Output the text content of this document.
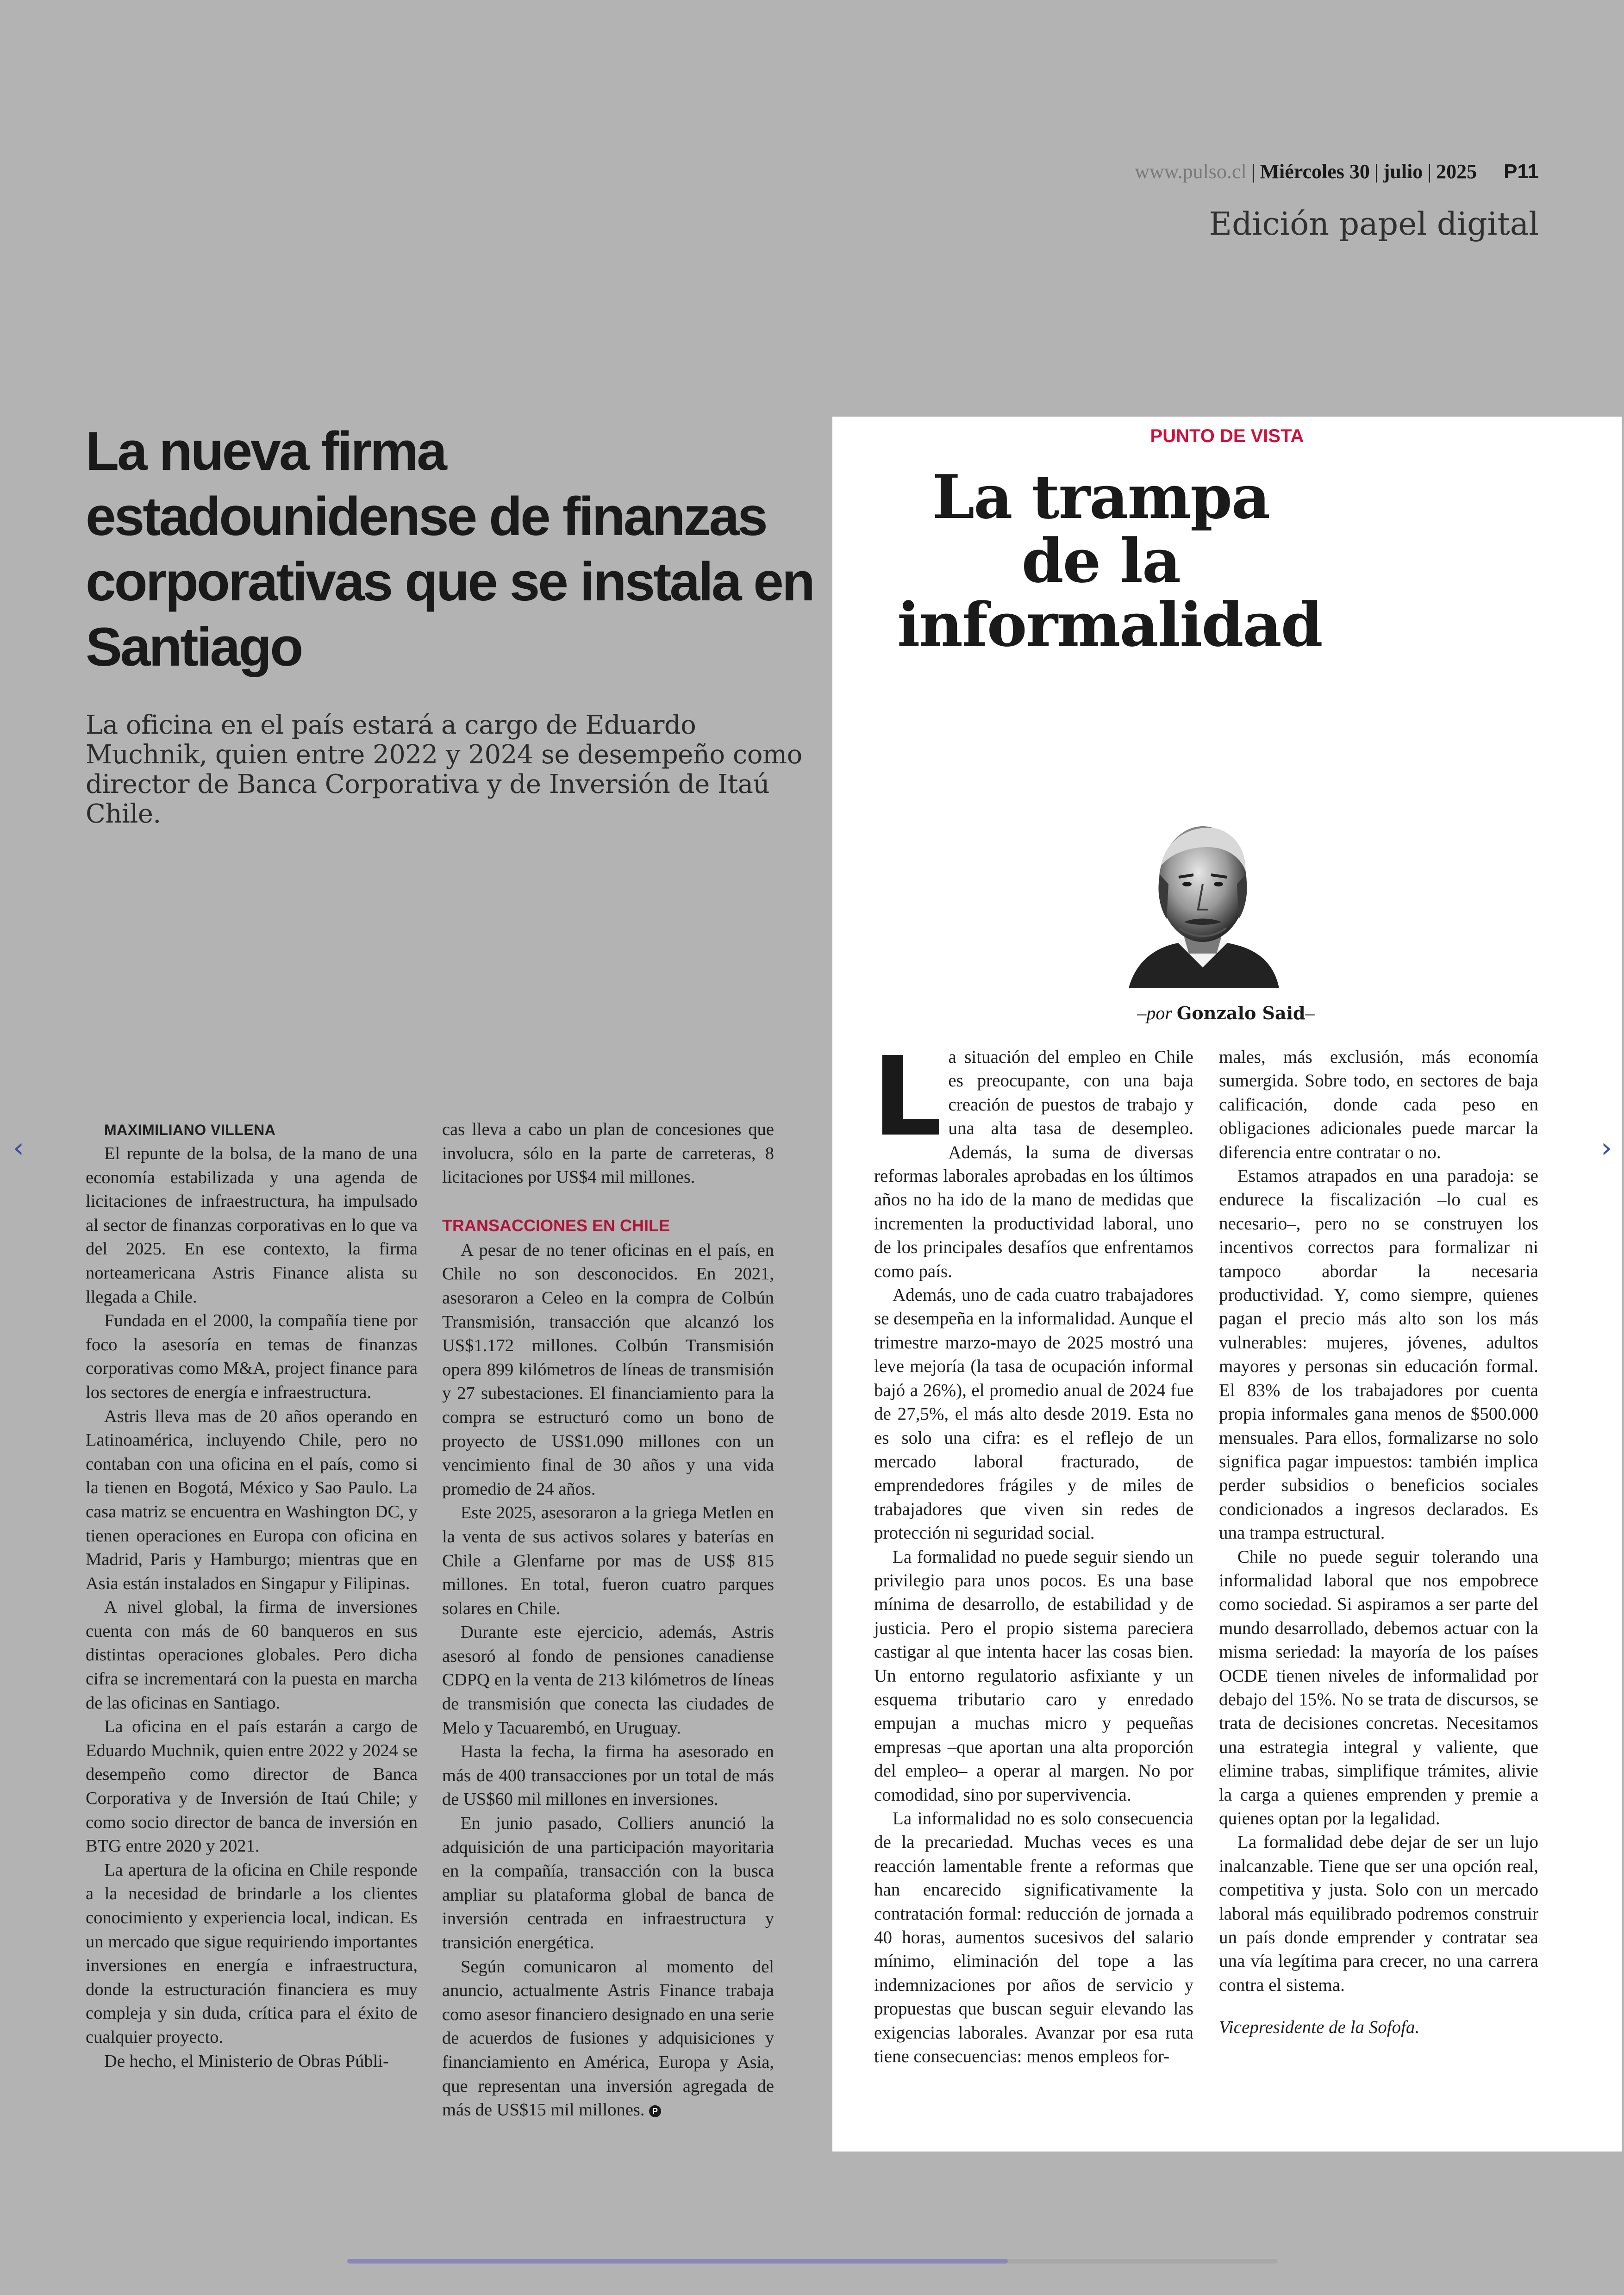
www.pulso.cl | Miércoles 30 | julio | 2025 P11
Edición papel digital
La nueva firma estadounidense de finanzas corporativas que se instala en Santiago

La oficina en el país estará a cargo de Eduardo Muchnik, quien entre 2022 y 2024 se desempeño como director de Banca Corporativa y de Inversión de Itaú Chile.

MAXIMILIANO VILLENA

El repunte de la bolsa, de la mano de una economía estabilizada y una agenda de licitaciones de infraestructura, ha impulsado al sector de finanzas corporativas en lo que va del 2025. En ese contexto, la firma norteamericana Astris Finance alista su llegada a Chile.

Fundada en el 2000, la compañía tiene por foco la asesoría en temas de finanzas corporativas como M&A, project finance para los sectores de energía e infraestructura.

Astris lleva mas de 20 años operando en Latinoamérica, incluyendo Chile, pero no contaban con una oficina en el país, como si la tienen en Bogotá, México y Sao Paulo. La casa matriz se encuentra en Washington DC, y tienen operaciones en Europa con oficina en Madrid, Paris y Hamburgo; mientras que en Asia están instalados en Singapur y Filipinas.

A nivel global, la firma de inversiones cuenta con más de 60 banqueros en sus distintas operaciones globales. Pero dicha cifra se incrementará con la puesta en marcha de las oficinas en Santiago.

La oficina en el país estarán a cargo de Eduardo Muchnik, quien entre 2022 y 2024 se desempeño como director de Banca Corporativa y de Inversión de Itaú Chile; y como socio director de banca de inversión en BTG entre 2020 y 2021.

La apertura de la oficina en Chile responde a la necesidad de brindarle a los clientes conocimiento y experiencia local, indican. Es un mercado que sigue requiriendo importantes inversiones en energía e infraestructura, donde la estructuración financiera es muy compleja y sin duda, crítica para el éxito de cualquier proyecto.

De hecho, el Ministerio de Obras Públi-

cas lleva a cabo un plan de concesiones que involucra, sólo en la parte de carreteras, 8 licitaciones por US$4 mil millones.

TRANSACCIONES EN CHILE

A pesar de no tener oficinas en el país, en Chile no son desconocidos. En 2021, asesoraron a Celeo en la compra de Colbún Transmisión, transacción que alcanzó los US$1.172 millones. Colbún Transmisión opera 899 kilómetros de líneas de transmisión y 27 subestaciones. El financiamiento para la compra se estructuró como un bono de proyecto de US$1.090 millones con un vencimiento final de 30 años y una vida promedio de 24 años.

Este 2025, asesoraron a la griega Metlen en la venta de sus activos solares y baterías en Chile a Glenfarne por mas de US$ 815 millones. En total, fueron cuatro parques solares en Chile.

Durante este ejercicio, además, Astris asesoró al fondo de pensiones canadiense CDPQ en la venta de 213 kilómetros de líneas de transmisión que conecta las ciudades de Melo y Tacuarembó, en Uruguay.

Hasta la fecha, la firma ha asesorado en más de 400 transacciones por un total de más de US$60 mil millones en inversiones.

En junio pasado, Colliers anunció la adquisición de una participación mayoritaria en la compañía, transacción con la busca ampliar su plataforma global de banca de inversión centrada en infraestructura y transición energética.

Según comunicaron al momento del anuncio, actualmente Astris Finance trabaja como asesor financiero designado en una serie de acuerdos de fusiones y adquisiciones y financiamiento en América, Europa y Asia, que representan una inversión agregada de más de US$15 mil millones. P

PUNTO DE VISTA

La trampa de la informalidad

–por Gonzalo Said–

La situación del empleo en Chile es preocupante, con una baja creación de puestos de trabajo y una alta tasa de desempleo. Además, la suma de diversas reformas laborales aprobadas en los últimos años no ha ido de la mano de medidas que incrementen la productividad laboral, uno de los principales desafíos que enfrentamos como país.

Además, uno de cada cuatro trabajadores se desempeña en la informalidad. Aunque el trimestre marzo-mayo de 2025 mostró una leve mejoría (la tasa de ocupación informal bajó a 26%), el promedio anual de 2024 fue de 27,5%, el más alto desde 2019. Esta no es solo una cifra: es el reflejo de un mercado laboral fracturado, de emprendedores frágiles y de miles de trabajadores que viven sin redes de protección ni seguridad social.

La formalidad no puede seguir siendo un privilegio para unos pocos. Es una base mínima de desarrollo, de estabilidad y de justicia. Pero el propio sistema pareciera castigar al que intenta hacer las cosas bien. Un entorno regulatorio asfixiante y un esquema tributario caro y enredado empujan a muchas micro y pequeñas empresas –que aportan una alta proporción del empleo– a operar al margen. No por comodidad, sino por supervivencia.

La informalidad no es solo consecuencia de la precariedad. Muchas veces es una reacción lamentable frente a reformas que han encarecido significativamente la contratación formal: reducción de jornada a 40 horas, aumentos sucesivos del salario mínimo, eliminación del tope a las indemnizaciones por años de servicio y propuestas que buscan seguir elevando las exigencias laborales. Avanzar por esa ruta tiene consecuencias: menos empleos for-

males, más exclusión, más economía sumergida. Sobre todo, en sectores de baja calificación, donde cada peso en obligaciones adicionales puede marcar la diferencia entre contratar o no.

Estamos atrapados en una paradoja: se endurece la fiscalización –lo cual es necesario–, pero no se construyen los incentivos correctos para formalizar ni tampoco abordar la necesaria productividad. Y, como siempre, quienes pagan el precio más alto son los más vulnerables: mujeres, jóvenes, adultos mayores y personas sin educación formal. El 83% de los trabajadores por cuenta propia informales gana menos de $500.000 mensuales. Para ellos, formalizarse no solo significa pagar impuestos: también implica perder subsidios o beneficios sociales condicionados a ingresos declarados. Es una trampa estructural.

Chile no puede seguir tolerando una informalidad laboral que nos empobrece como sociedad. Si aspiramos a ser parte del mundo desarrollado, debemos actuar con la misma seriedad: la mayoría de los países OCDE tienen niveles de informalidad por debajo del 15%. No se trata de discursos, se trata de decisiones concretas. Necesitamos una estrategia integral y valiente, que elimine trabas, simplifique trámites, alivie la carga a quienes emprenden y premie a quienes optan por la legalidad.

La formalidad debe dejar de ser un lujo inalcanzable. Tiene que ser una opción real, competitiva y justa. Solo con un mercado laboral más equilibrado podremos construir un país donde emprender y contratar sea una vía legítima para crecer, no una carrera contra el sistema.

Vicepresidente de la Sofofa.

‹	›
